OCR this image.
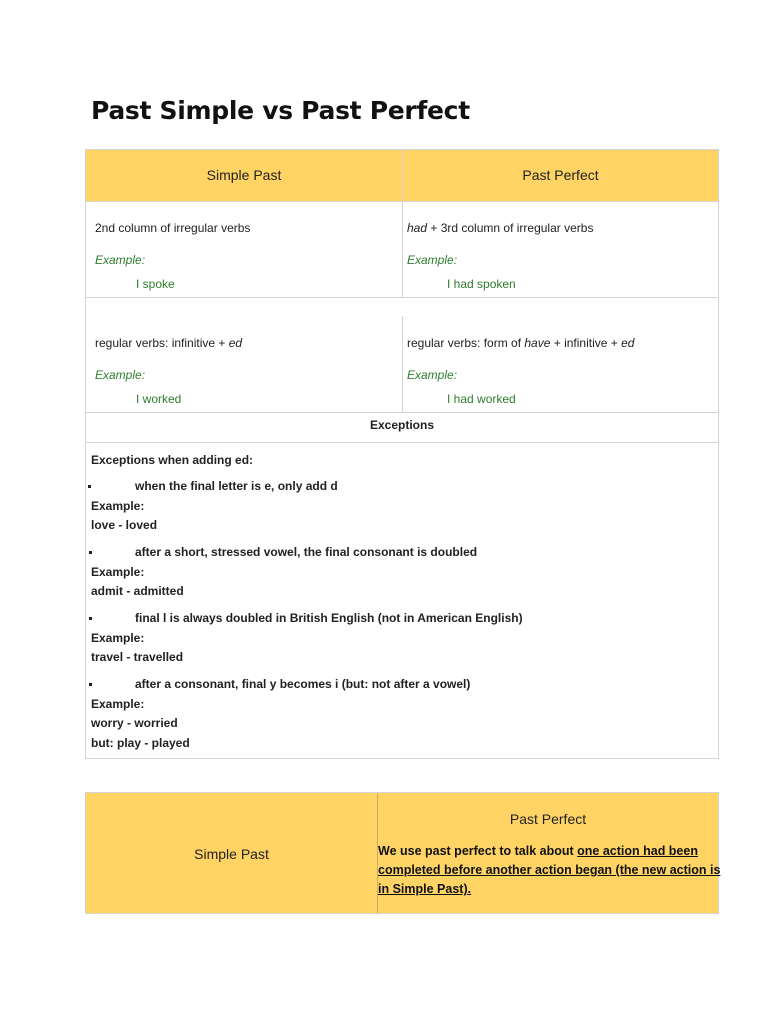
Past Simple vs Past Perfect
Simple Past	Past Perfect
2nd column of irregular verbs
Example:
I spoke
had + 3rd column of irregular verbs
Example:
I had spoken
regular verbs: infinitive + ed
Example:
I worked
regular verbs: form of have + infinitive + ed
Example:
I had worked
Exceptions
Exceptions when adding ed:
when the final letter is e, only add d
Example:
love - loved
after a short, stressed vowel, the final consonant is doubled
Example:
admit - admitted
final l is always doubled in British English (not in American English)
Example:
travel - travelled
after a consonant, final y becomes i (but: not after a vowel)
Example:
worry - worried
but: play - played
Simple Past
Past Perfect
We use past perfect to talk about one action had been
completed before another action began (the new action is
in Simple Past).
